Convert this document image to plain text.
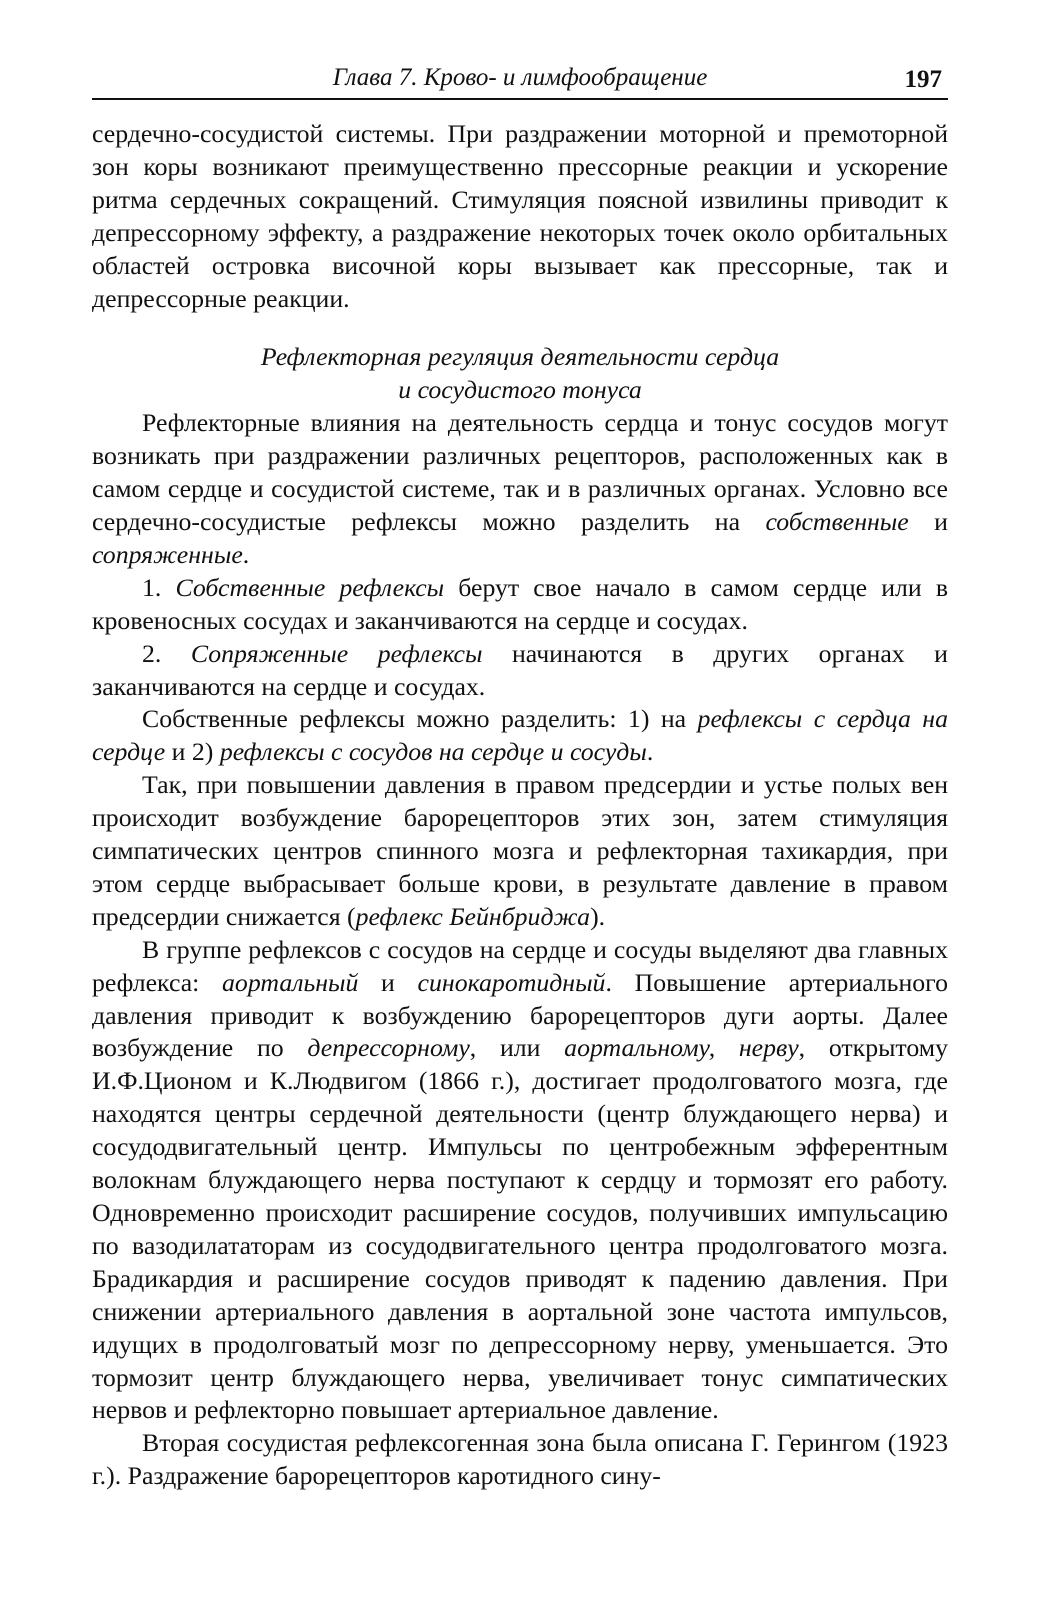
Глава 7. Крово- и лимфообращение	197

сердечно-сосудистой системы. При раздражении моторной и премоторной зон коры возникают преимущественно прессорные реакции и ускорение ритма сердечных сокращений. Стимуляция поясной извилины приводит к депрессорному эффекту, а раздражение некоторых точек около орбитальных областей островка височной коры вызывает как прессорные, так и депрессорные реакции.

Рефлекторная регуляция деятельности сердца
и сосудистого тонуса

Рефлекторные влияния на деятельность сердца и тонус сосудов могут возникать при раздражении различных рецепторов, расположенных как в самом сердце и сосудистой системе, так и в различных органах. Условно все сердечно-сосудистые рефлексы можно разделить на собственные и сопряженные.

1. Собственные рефлексы берут свое начало в самом сердце или в кровеносных сосудах и заканчиваются на сердце и сосудах.

2. Сопряженные рефлексы начинаются в других органах и заканчиваются на сердце и сосудах.

Собственные рефлексы можно разделить: 1) на рефлексы с сердца на сердце и 2) рефлексы с сосудов на сердце и сосуды.

Так, при повышении давления в правом предсердии и устье полых вен происходит возбуждение барорецепторов этих зон, затем стимуляция симпатических центров спинного мозга и рефлекторная тахикардия, при этом сердце выбрасывает больше крови, в результате давление в правом предсердии снижается (рефлекс Бейнбриджа).

В группе рефлексов с сосудов на сердце и сосуды выделяют два главных рефлекса: аортальный и синокаротидный. Повышение артериального давления приводит к возбуждению барорецепторов дуги аорты. Далее возбуждение по депрессорному, или аортальному, нерву, открытому И.Ф.Ционом и К.Людвигом (1866 г.), достигает продолговатого мозга, где находятся центры сердечной деятельности (центр блуждающего нерва) и сосудодвигательный центр. Импульсы по центробежным эфферентным волокнам блуждающего нерва поступают к сердцу и тормозят его работу. Одновременно происходит расширение сосудов, получивших импульсацию по вазодилататорам из сосудодвигательного центра продолговатого мозга. Брадикардия и расширение сосудов приводят к падению давления. При снижении артериального давления в аортальной зоне частота импульсов, идущих в продолговатый мозг по депрессорному нерву, уменьшается. Это тормозит центр блуждающего нерва, увеличивает тонус симпатических нервов и рефлекторно повышает артериальное давление.

Вторая сосудистая рефлексогенная зона была описана Г. Герингом (1923 г.). Раздражение барорецепторов каротидного сину-
